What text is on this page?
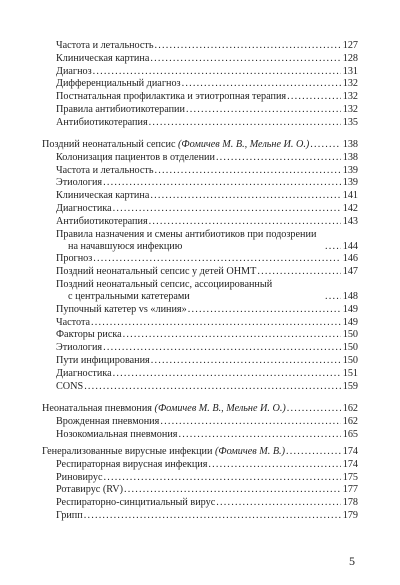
Частота и летальность .....	127
Клиническая картина .....	128
Диагноз .....	131
Дифференциальный диагноз .....	132
Постнатальная профилактика и этиотропная терапия .....	132
Правила антибиотикотерапии .....	132
Антибиотикотерапия .....	135
Поздний неонатальный сепсис (Фомичев М. В., Мельне И. О.) .....	138
Колонизация пациентов в отделении .....	138
Частота и летальность .....	139
Этиология .....	139
Клиническая картина .....	141
Диагностика .....	142
Антибиотикотерапия .....	143
Правила назначения и смены антибиотиков при подозрении
на начавшуюся инфекцию .....	144
Прогноз .....	146
Поздний неонатальный сепсис у детей ОНМТ .....	147
Поздний неонатальный сепсис, ассоциированный
с центральными катетерами .....	148
Пупочный катетер vs «линия» .....	149
Частота .....	149
Факторы риска .....	150
Этиология .....	150
Пути инфицирования .....	150
Диагностика .....	151
CONS .....	159
Неонатальная пневмония (Фомичев М. В., Мельне И. О.) .....	162
Врожденная пневмония .....	162
Нозокомиальная пневмония .....	165
Генерализованные вирусные инфекции (Фомичев М. В.) .....	174
Респираторная вирусная инфекция .....	174
Риновирус .....	175
Ротавирус (RV) .....	177
Респираторно-синцитиальный вирус .....	178
Грипп .....	179
5
